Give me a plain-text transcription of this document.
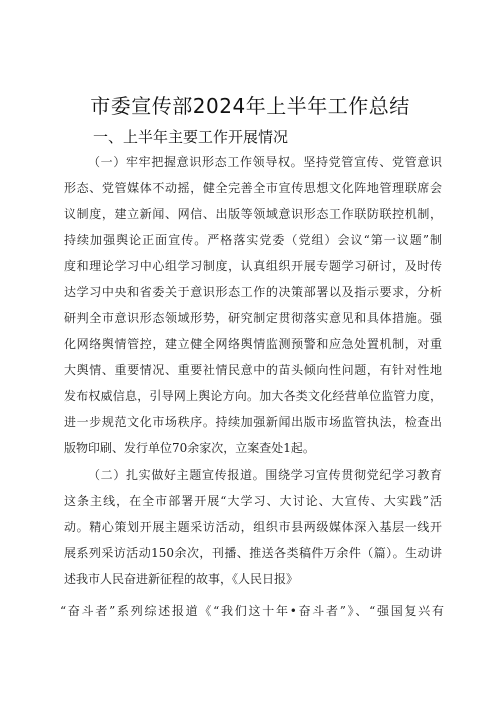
市委宣传部2024年上半年工作总结
一、上半年主要工作开展情况
（一）牢牢把握意识形态工作领导权。坚持党管宣传、党管意识
形态、党管媒体不动摇，健全完善全市宣传思想文化阵地管理联席会
议制度，建立新闻、网信、出版等领域意识形态工作联防联控机制，
持续加强舆论正面宣传。严格落实党委（党组）会议“第一议题”制
度和理论学习中心组学习制度，认真组织开展专题学习研讨，及时传
达学习中央和省委关于意识形态工作的决策部署以及指示要求，分析
研判全市意识形态领域形势，研究制定贯彻落实意见和具体措施。强
化网络舆情管控，建立健全网络舆情监测预警和应急处置机制，对重
大舆情、重要情况、重要社情民意中的苗头倾向性问题，有针对性地
发布权威信息，引导网上舆论方向。加大各类文化经营单位监管力度，
进一步规范文化市场秩序。持续加强新闻出版市场监管执法，检查出
版物印刷、发行单位70余家次，立案查处1起。
（二）扎实做好主题宣传报道。围绕学习宣传贯彻党纪学习教育
这条主线，在全市部署开展“大学习、大讨论、大宣传、大实践”活
动。精心策划开展主题采访活动，组织市县两级媒体深入基层一线开
展系列采访活动150余次，刊播、推送各类稿件万余件（篇）。生动讲
述我市人民奋进新征程的故事，《人民日报》
“奋斗者”系列综述报道《“我们这十年•奋斗者”》、“强国复兴有
